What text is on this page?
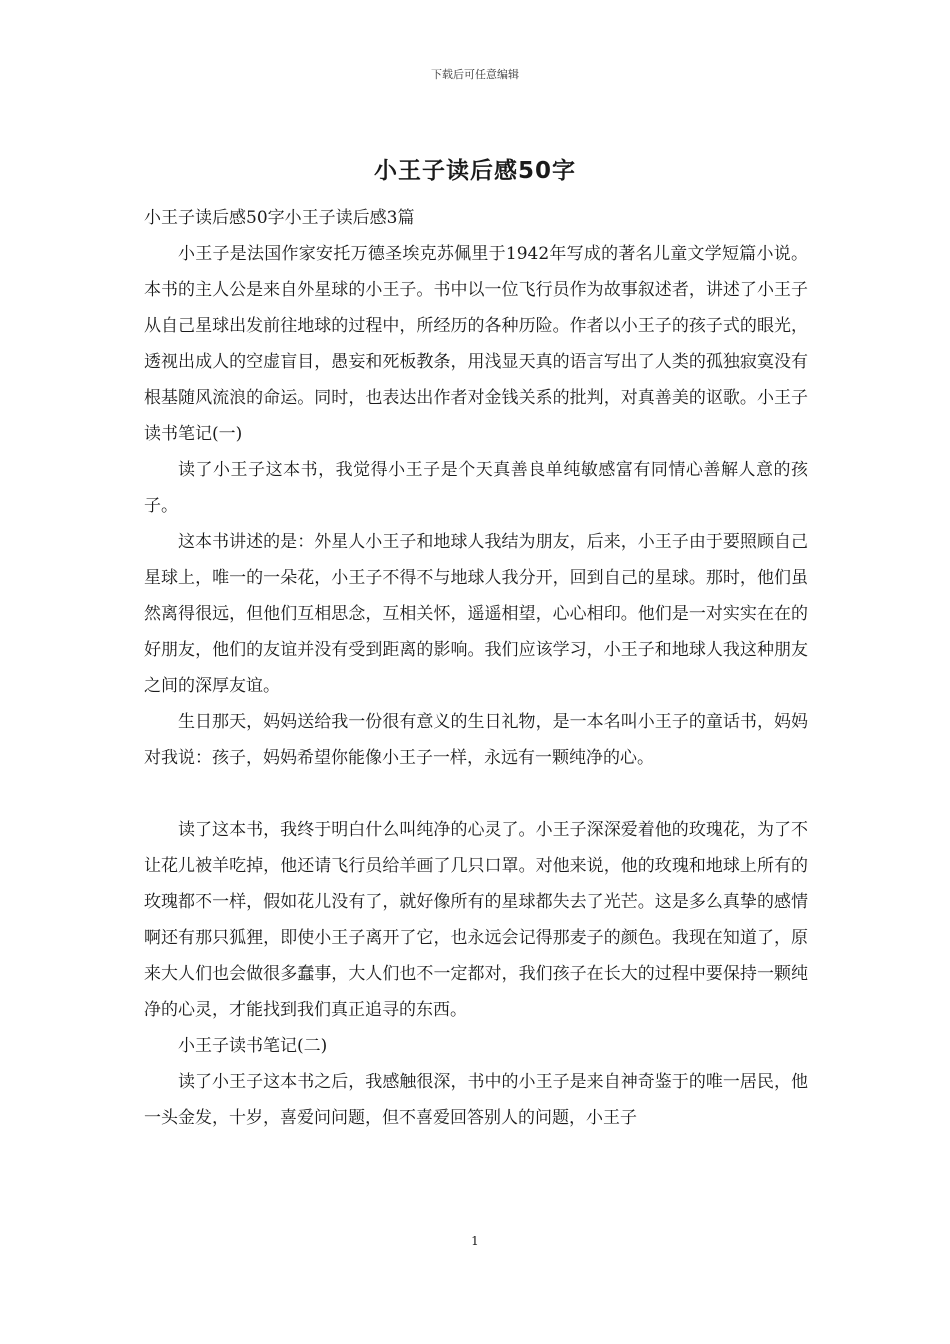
下载后可任意编辑
小王子读后感50字

小王子读后感50字小王子读后感3篇

小王子是法国作家安托万德圣埃克苏佩里于1942年写成的著名儿童文学短篇小说。本书的主人公是来自外星球的小王子。书中以一位飞行员作为故事叙述者，讲述了小王子从自己星球出发前往地球的过程中，所经历的各种历险。作者以小王子的孩子式的眼光，透视出成人的空虚盲目，愚妄和死板教条，用浅显天真的语言写出了人类的孤独寂寞没有根基随风流浪的命运。同时，也表达出作者对金钱关系的批判，对真善美的讴歌。小王子读书笔记(一)

读了小王子这本书，我觉得小王子是个天真善良单纯敏感富有同情心善解人意的孩子。

这本书讲述的是：外星人小王子和地球人我结为朋友，后来，小王子由于要照顾自己星球上，唯一的一朵花，小王子不得不与地球人我分开，回到自己的星球。那时，他们虽然离得很远，但他们互相思念，互相关怀，遥遥相望，心心相印。他们是一对实实在在的好朋友，他们的友谊并没有受到距离的影响。我们应该学习，小王子和地球人我这种朋友之间的深厚友谊。

生日那天，妈妈送给我一份很有意义的生日礼物，是一本名叫小王子的童话书，妈妈对我说：孩子，妈妈希望你能像小王子一样，永远有一颗纯净的心。

读了这本书，我终于明白什么叫纯净的心灵了。小王子深深爱着他的玫瑰花，为了不让花儿被羊吃掉，他还请飞行员给羊画了几只口罩。对他来说，他的玫瑰和地球上所有的玫瑰都不一样，假如花儿没有了，就好像所有的星球都失去了光芒。这是多么真挚的感情啊还有那只狐狸，即使小王子离开了它，也永远会记得那麦子的颜色。我现在知道了，原来大人们也会做很多蠢事，大人们也不一定都对，我们孩子在长大的过程中要保持一颗纯净的心灵，才能找到我们真正追寻的东西。

小王子读书笔记(二)

读了小王子这本书之后，我感触很深，书中的小王子是来自神奇鉴于的唯一居民，他一头金发，十岁，喜爱问问题，但不喜爱回答别人的问题，小王子

1
